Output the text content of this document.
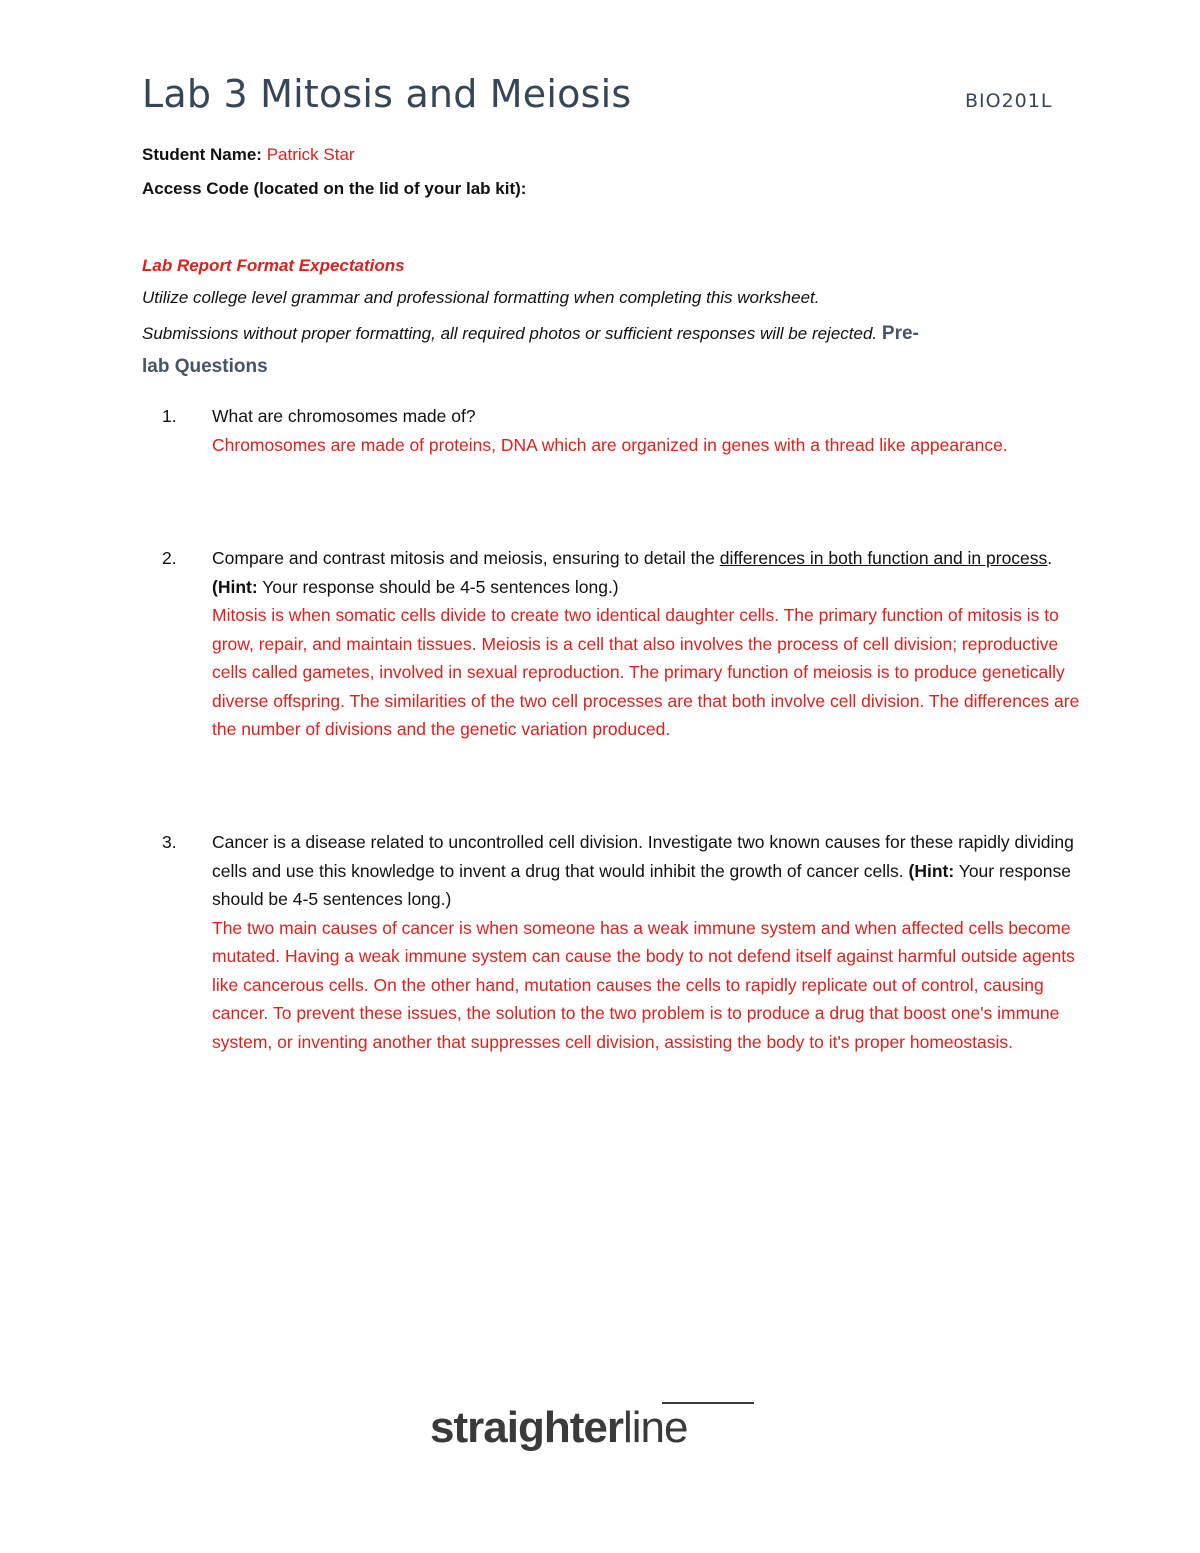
Lab 3 Mitosis and Meiosis	BIO201L
Student Name: Patrick Star
Access Code (located on the lid of your lab kit):
Lab Report Format Expectations
Utilize college level grammar and professional formatting when completing this worksheet.
Submissions without proper formatting, all required photos or sufficient responses will be rejected. Pre-
lab Questions
1.	What are chromosomes made of?
Chromosomes are made of proteins, DNA which are organized in genes with a thread like appearance.
2.	Compare and contrast mitosis and meiosis, ensuring to detail the differences in both function and in process. (Hint: Your response should be 4-5 sentences long.)
Mitosis is when somatic cells divide to create two identical daughter cells. The primary function of mitosis is to grow, repair, and maintain tissues. Meiosis is a cell that also involves the process of cell division; reproductive cells called gametes, involved in sexual reproduction. The primary function of meiosis is to produce genetically diverse offspring. The similarities of the two cell processes are that both involve cell division. The differences are the number of divisions and the genetic variation produced.
3.	Cancer is a disease related to uncontrolled cell division. Investigate two known causes for these rapidly dividing cells and use this knowledge to invent a drug that would inhibit the growth of cancer cells. (Hint: Your response should be 4-5 sentences long.)
The two main causes of cancer is when someone has a weak immune system and when affected cells become mutated. Having a weak immune system can cause the body to not defend itself against harmful outside agents like cancerous cells. On the other hand, mutation causes the cells to rapidly replicate out of control, causing cancer. To prevent these issues, the solution to the two problem is to produce a drug that boost one's immune system, or inventing another that suppresses cell division, assisting the body to it's proper homeostasis.
straighterline
